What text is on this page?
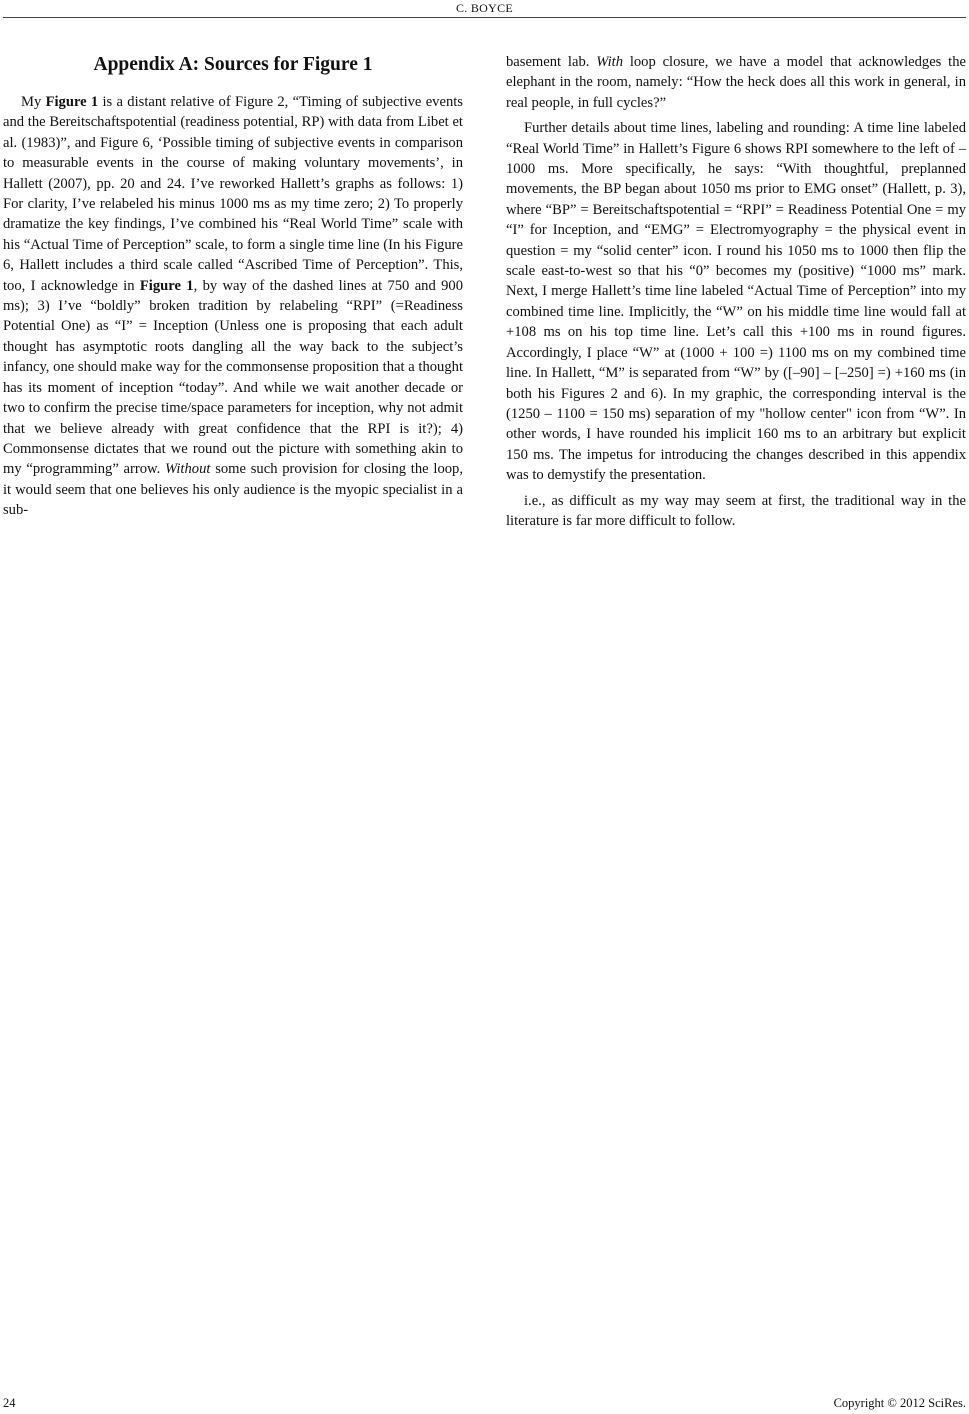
C. BOYCE
Appendix A: Sources for Figure 1

My Figure 1 is a distant relative of Figure 2, “Timing of subjective events and the Bereitschaftspotential (readiness potential, RP) with data from Libet et al. (1983)”, and Figure 6, ‘Possible timing of subjective events in comparison to measurable events in the course of making voluntary movements’, in Hallett (2007), pp. 20 and 24. I’ve reworked Hallett’s graphs as follows: 1) For clarity, I’ve relabeled his minus 1000 ms as my time zero; 2) To properly dramatize the key findings, I’ve combined his “Real World Time” scale with his “Actual Time of Perception” scale, to form a single time line (In his Figure 6, Hallett includes a third scale called “Ascribed Time of Perception”. This, too, I acknowledge in Figure 1, by way of the dashed lines at 750 and 900 ms); 3) I’ve “boldly” broken tradition by relabeling “RPI” (=Readiness Potential One) as “I” = Inception (Unless one is proposing that each adult thought has asymptotic roots dangling all the way back to the subject’s infancy, one should make way for the commonsense proposition that a thought has its moment of inception “today”. And while we wait another decade or two to confirm the precise time/space parameters for inception, why not admit that we believe already with great confidence that the RPI is it?); 4) Commonsense dictates that we round out the picture with something akin to my “programming” arrow. Without some such provision for closing the loop, it would seem that one believes his only audience is the myopic specialist in a sub-

basement lab. With loop closure, we have a model that acknowledges the elephant in the room, namely: “How the heck does all this work in general, in real people, in full cycles?”

Further details about time lines, labeling and rounding: A time line labeled “Real World Time” in Hallett’s Figure 6 shows RPI somewhere to the left of –1000 ms. More specifically, he says: “With thoughtful, preplanned movements, the BP began about 1050 ms prior to EMG onset” (Hallett, p. 3), where “BP” = Bereitschaftspotential = “RPI” = Readiness Potential One = my “I” for Inception, and “EMG” = Electromyography = the physical event in question = my “solid center” icon. I round his 1050 ms to 1000 then flip the scale east-to-west so that his “0” becomes my (positive) “1000 ms” mark. Next, I merge Hallett’s time line labeled “Actual Time of Perception” into my combined time line. Implicitly, the “W” on his middle time line would fall at +108 ms on his top time line. Let’s call this +100 ms in round figures. Accordingly, I place “W” at (1000 + 100 =) 1100 ms on my combined time line. In Hallett, “M” is separated from “W” by ([–90] – [–250] =) +160 ms (in both his Figures 2 and 6). In my graphic, the corresponding interval is the (1250 – 1100 = 150 ms) separation of my "hollow center" icon from “W”. In other words, I have rounded his implicit 160 ms to an arbitrary but explicit 150 ms. The impetus for introducing the changes described in this appendix was to demystify the presentation.

i.e., as difficult as my way may seem at first, the traditional way in the literature is far more difficult to follow.

24	Copyright © 2012 SciRes.
